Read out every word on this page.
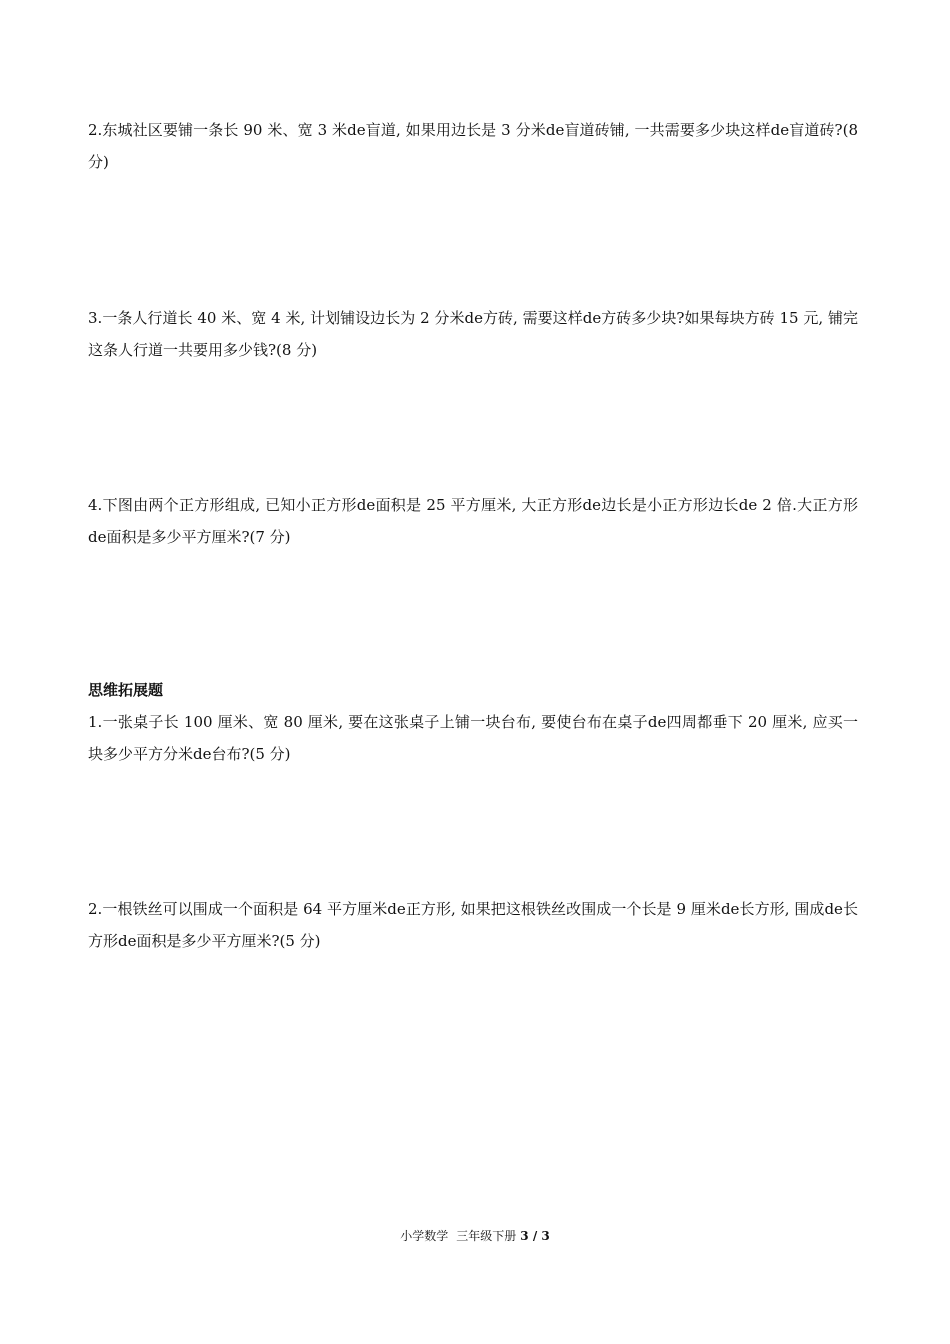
2.东城社区要铺一条长 90 米、宽 3 米de盲道, 如果用边长是 3 分米de盲道砖铺, 一共需要多少块这样de盲道砖?(8 分)

3.一条人行道长 40 米、宽 4 米, 计划铺设边长为 2 分米de方砖, 需要这样de方砖多少块?如果每块方砖 15 元, 铺完这条人行道一共要用多少钱?(8 分)

4.下图由两个正方形组成, 已知小正方形de面积是 25 平方厘米, 大正方形de边长是小正方形边长de 2 倍.大正方形de面积是多少平方厘米?(7 分)

思维拓展题

1.一张桌子长 100 厘米、宽 80 厘米, 要在这张桌子上铺一块台布, 要使台布在桌子de四周都垂下 20 厘米, 应买一块多少平方分米de台布?(5 分)

2.一根铁丝可以围成一个面积是 64 平方厘米de正方形, 如果把这根铁丝改围成一个长是 9 厘米de长方形, 围成de长方形de面积是多少平方厘米?(5 分)

小学数学 三年级下册 3 / 3
